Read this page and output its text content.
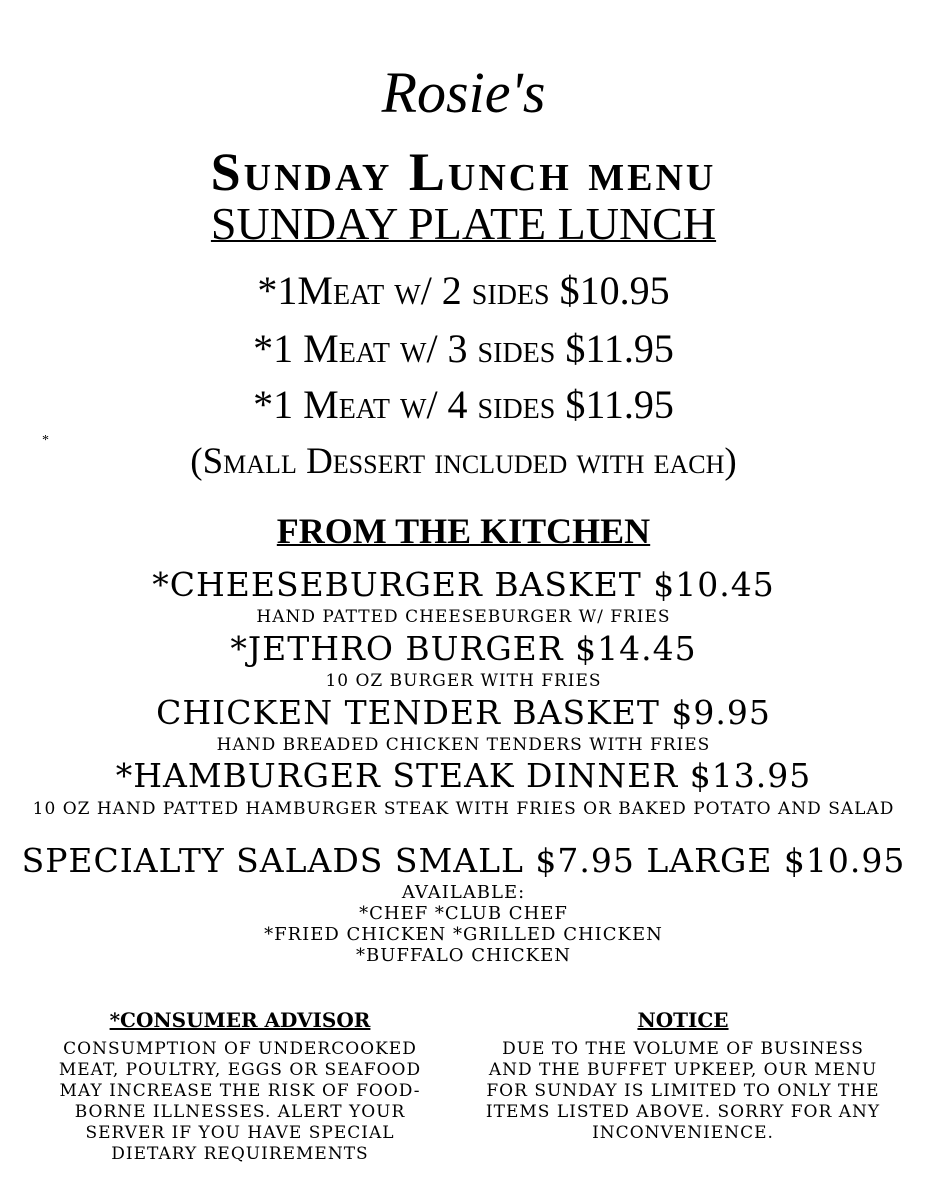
Rosie's
Sunday Lunch menu
SUNDAY PLATE LUNCH
*1Meat w/ 2 sides $10.95
*1 Meat w/ 3 sides $11.95
*1 Meat w/ 4 sides $11.95
*
(Small Dessert included with each)
FROM THE KITCHEN
*CHEESEBURGER BASKET $10.45
HAND PATTED CHEESEBURGER W/ FRIES
*JETHRO BURGER $14.45
10 OZ BURGER WITH FRIES
CHICKEN TENDER BASKET $9.95
HAND BREADED CHICKEN TENDERS WITH FRIES
*HAMBURGER STEAK DINNER $13.95
10 OZ HAND PATTED HAMBURGER STEAK WITH FRIES OR BAKED POTATO AND SALAD
SPECIALTY SALADS SMALL $7.95 LARGE $10.95
AVAILABLE:
*CHEF *CLUB CHEF
*FRIED CHICKEN *GRILLED CHICKEN
*BUFFALO CHICKEN
*CONSUMER ADVISOR
CONSUMPTION OF UNDERCOOKED MEAT, POULTRY, EGGS OR SEAFOOD MAY INCREASE THE RISK OF FOOD-BORNE ILLNESSES. ALERT YOUR SERVER IF YOU HAVE SPECIAL DIETARY REQUIREMENTS
NOTICE
DUE TO THE VOLUME OF BUSINESS AND THE BUFFET UPKEEP, OUR MENU FOR SUNDAY IS LIMITED TO ONLY THE ITEMS LISTED ABOVE. SORRY FOR ANY INCONVENIENCE.
